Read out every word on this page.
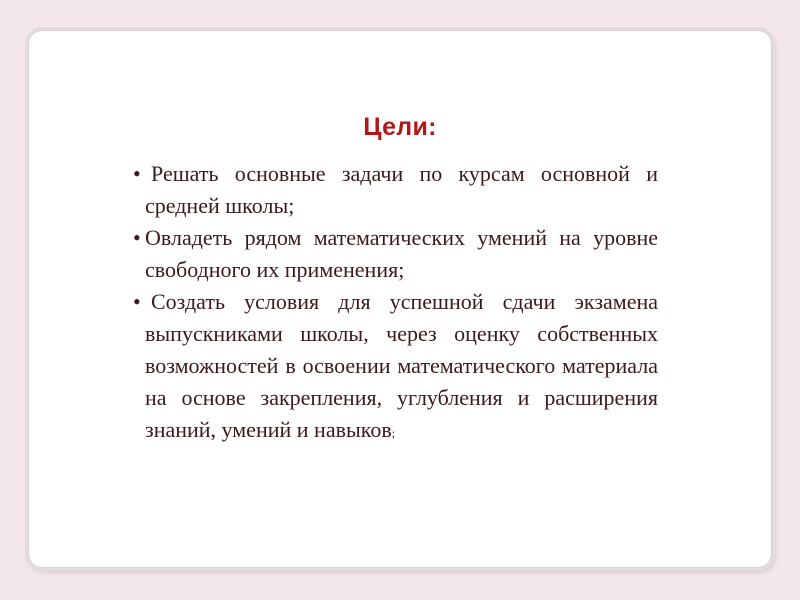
Цели:
• Решать основные задачи по курсам основной и средней школы;
• Овладеть рядом математических умений на уровне свободного их применения;
• Создать условия для успешной сдачи экзамена выпускниками школы, через оценку собственных возможностей в освоении математического материала на основе закрепления, углубления и расширения знаний, умений и навыков;
